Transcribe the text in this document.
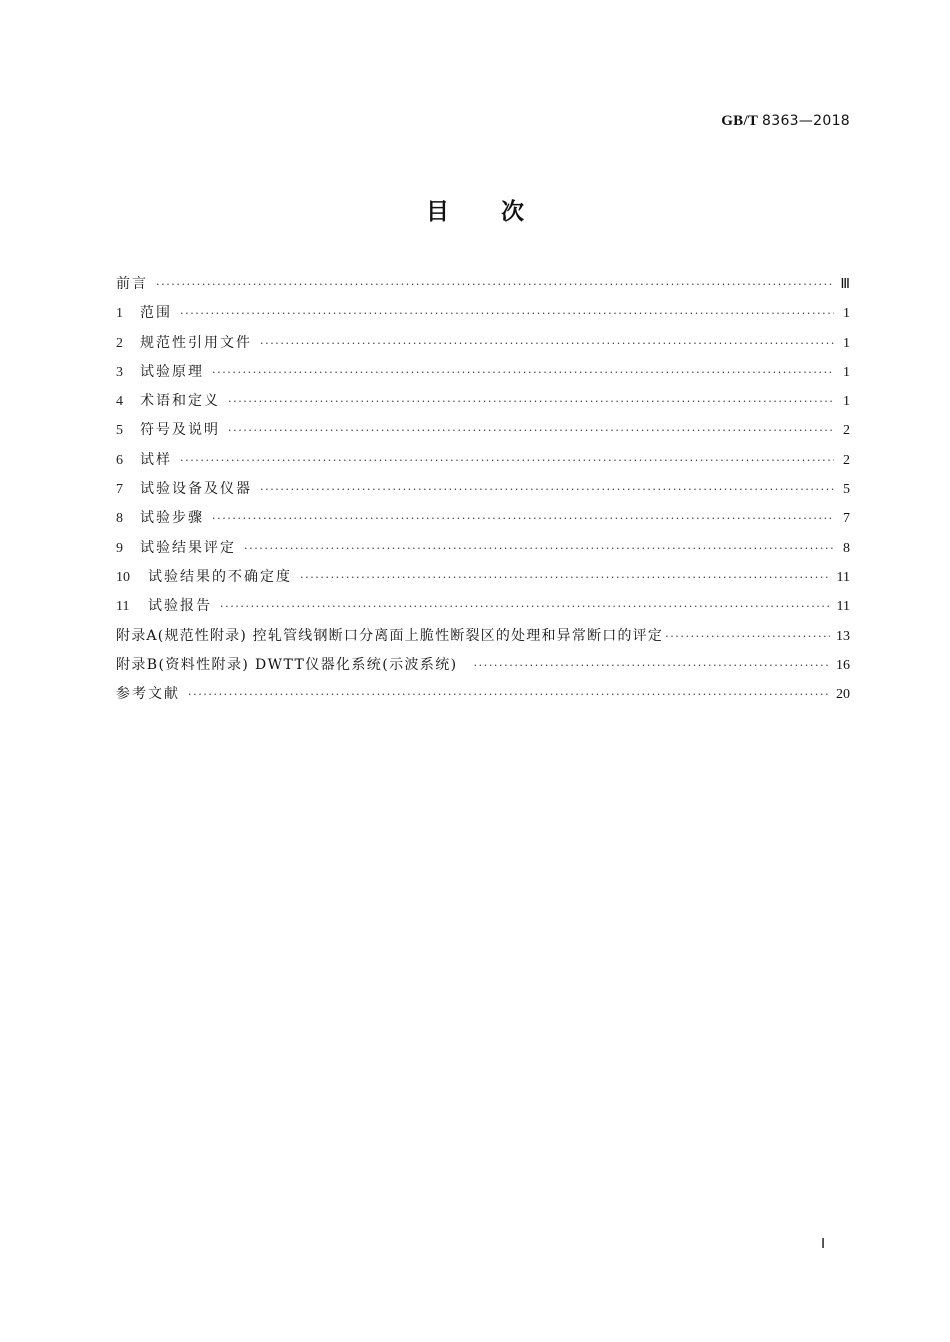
GB/T 8363—2018
目 次
前言 ·····	Ⅲ
1	范围 ·····	1
2	规范性引用文件 ·····	1
3	试验原理 ·····	1
4	术语和定义 ·····	1
5	符号及说明 ·····	2
6	试样 ·····	2
7	试验设备及仪器 ·····	5
8	试验步骤 ·····	7
9	试验结果评定 ·····	8
10	试验结果的不确定度 ·····	11
11	试验报告 ·····	11
附录A(规范性附录) 控轧管线钢断口分离面上脆性断裂区的处理和异常断口的评定 ·····	13
附录B(资料性附录) DWTT仪器化系统(示波系统) ·····	16
参考文献 ·····	20
Ⅰ
